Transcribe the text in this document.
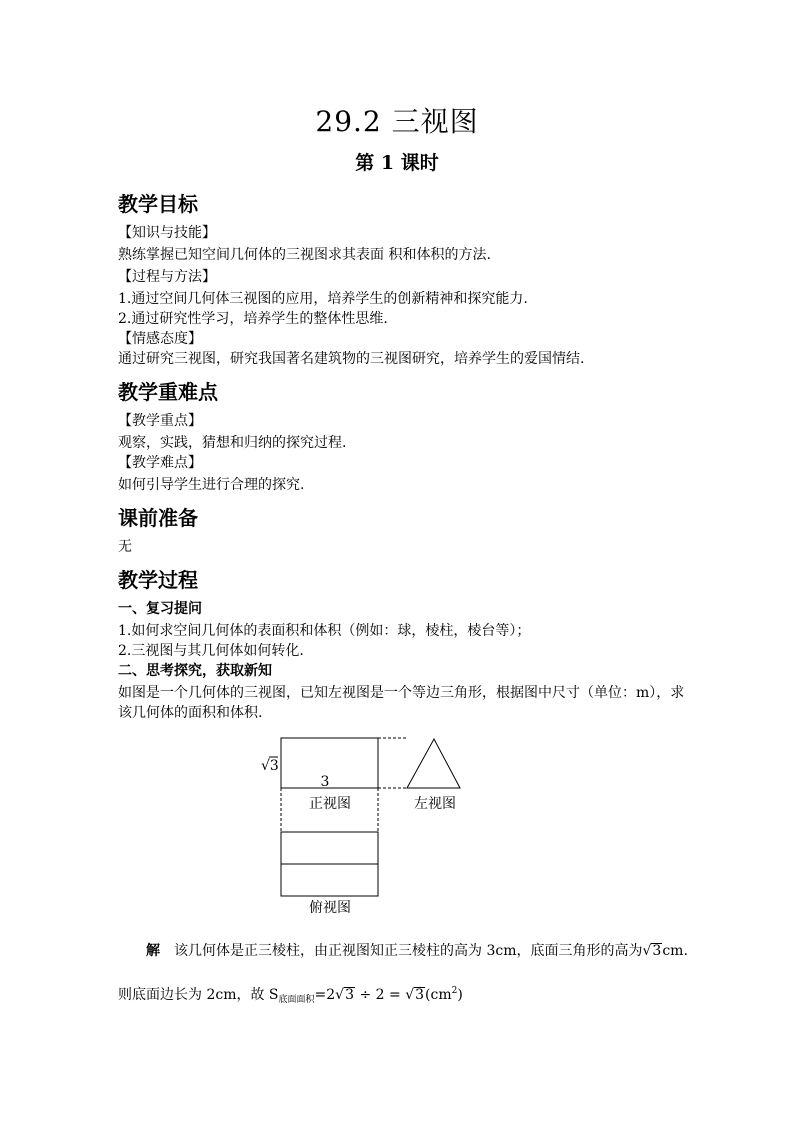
29.2 三视图
第 1 课时
教学目标
【知识与技能】
熟练掌握已知空间几何体的三视图求其表面 积和体积的方法.
【过程与方法】
1.通过空间几何体三视图的应用，培养学生的创新精神和探究能力.
2.通过研究性学习，培养学生的整体性思维.
【情感态度】
通过研究三视图，研究我国著名建筑物的三视图研究，培养学生的爱国情结.
教学重难点
【教学重点】
观察，实践，猜想和归纳的探究过程.
【教学难点】
如何引导学生进行合理的探究.
课前准备
无
教学过程
一、复习提问
1.如何求空间几何体的表面积和体积（例如：球，棱柱，棱台等）；
2.三视图与其几何体如何转化.
二、思考探究，获取新知
如图是一个几何体的三视图，已知左视图是一个等边三角形，根据图中尺寸（单位：m），求
该几何体的面积和体积.
√3
3
正视图	左视图
俯视图
解 该几何体是正三棱柱，由正视图知正三棱柱的高为 3cm，底面三角形的高为√3cm.
则底面边长为 2cm，故 $S_{底面面积}=2√3 \div 2 = √3(cm^2)$
